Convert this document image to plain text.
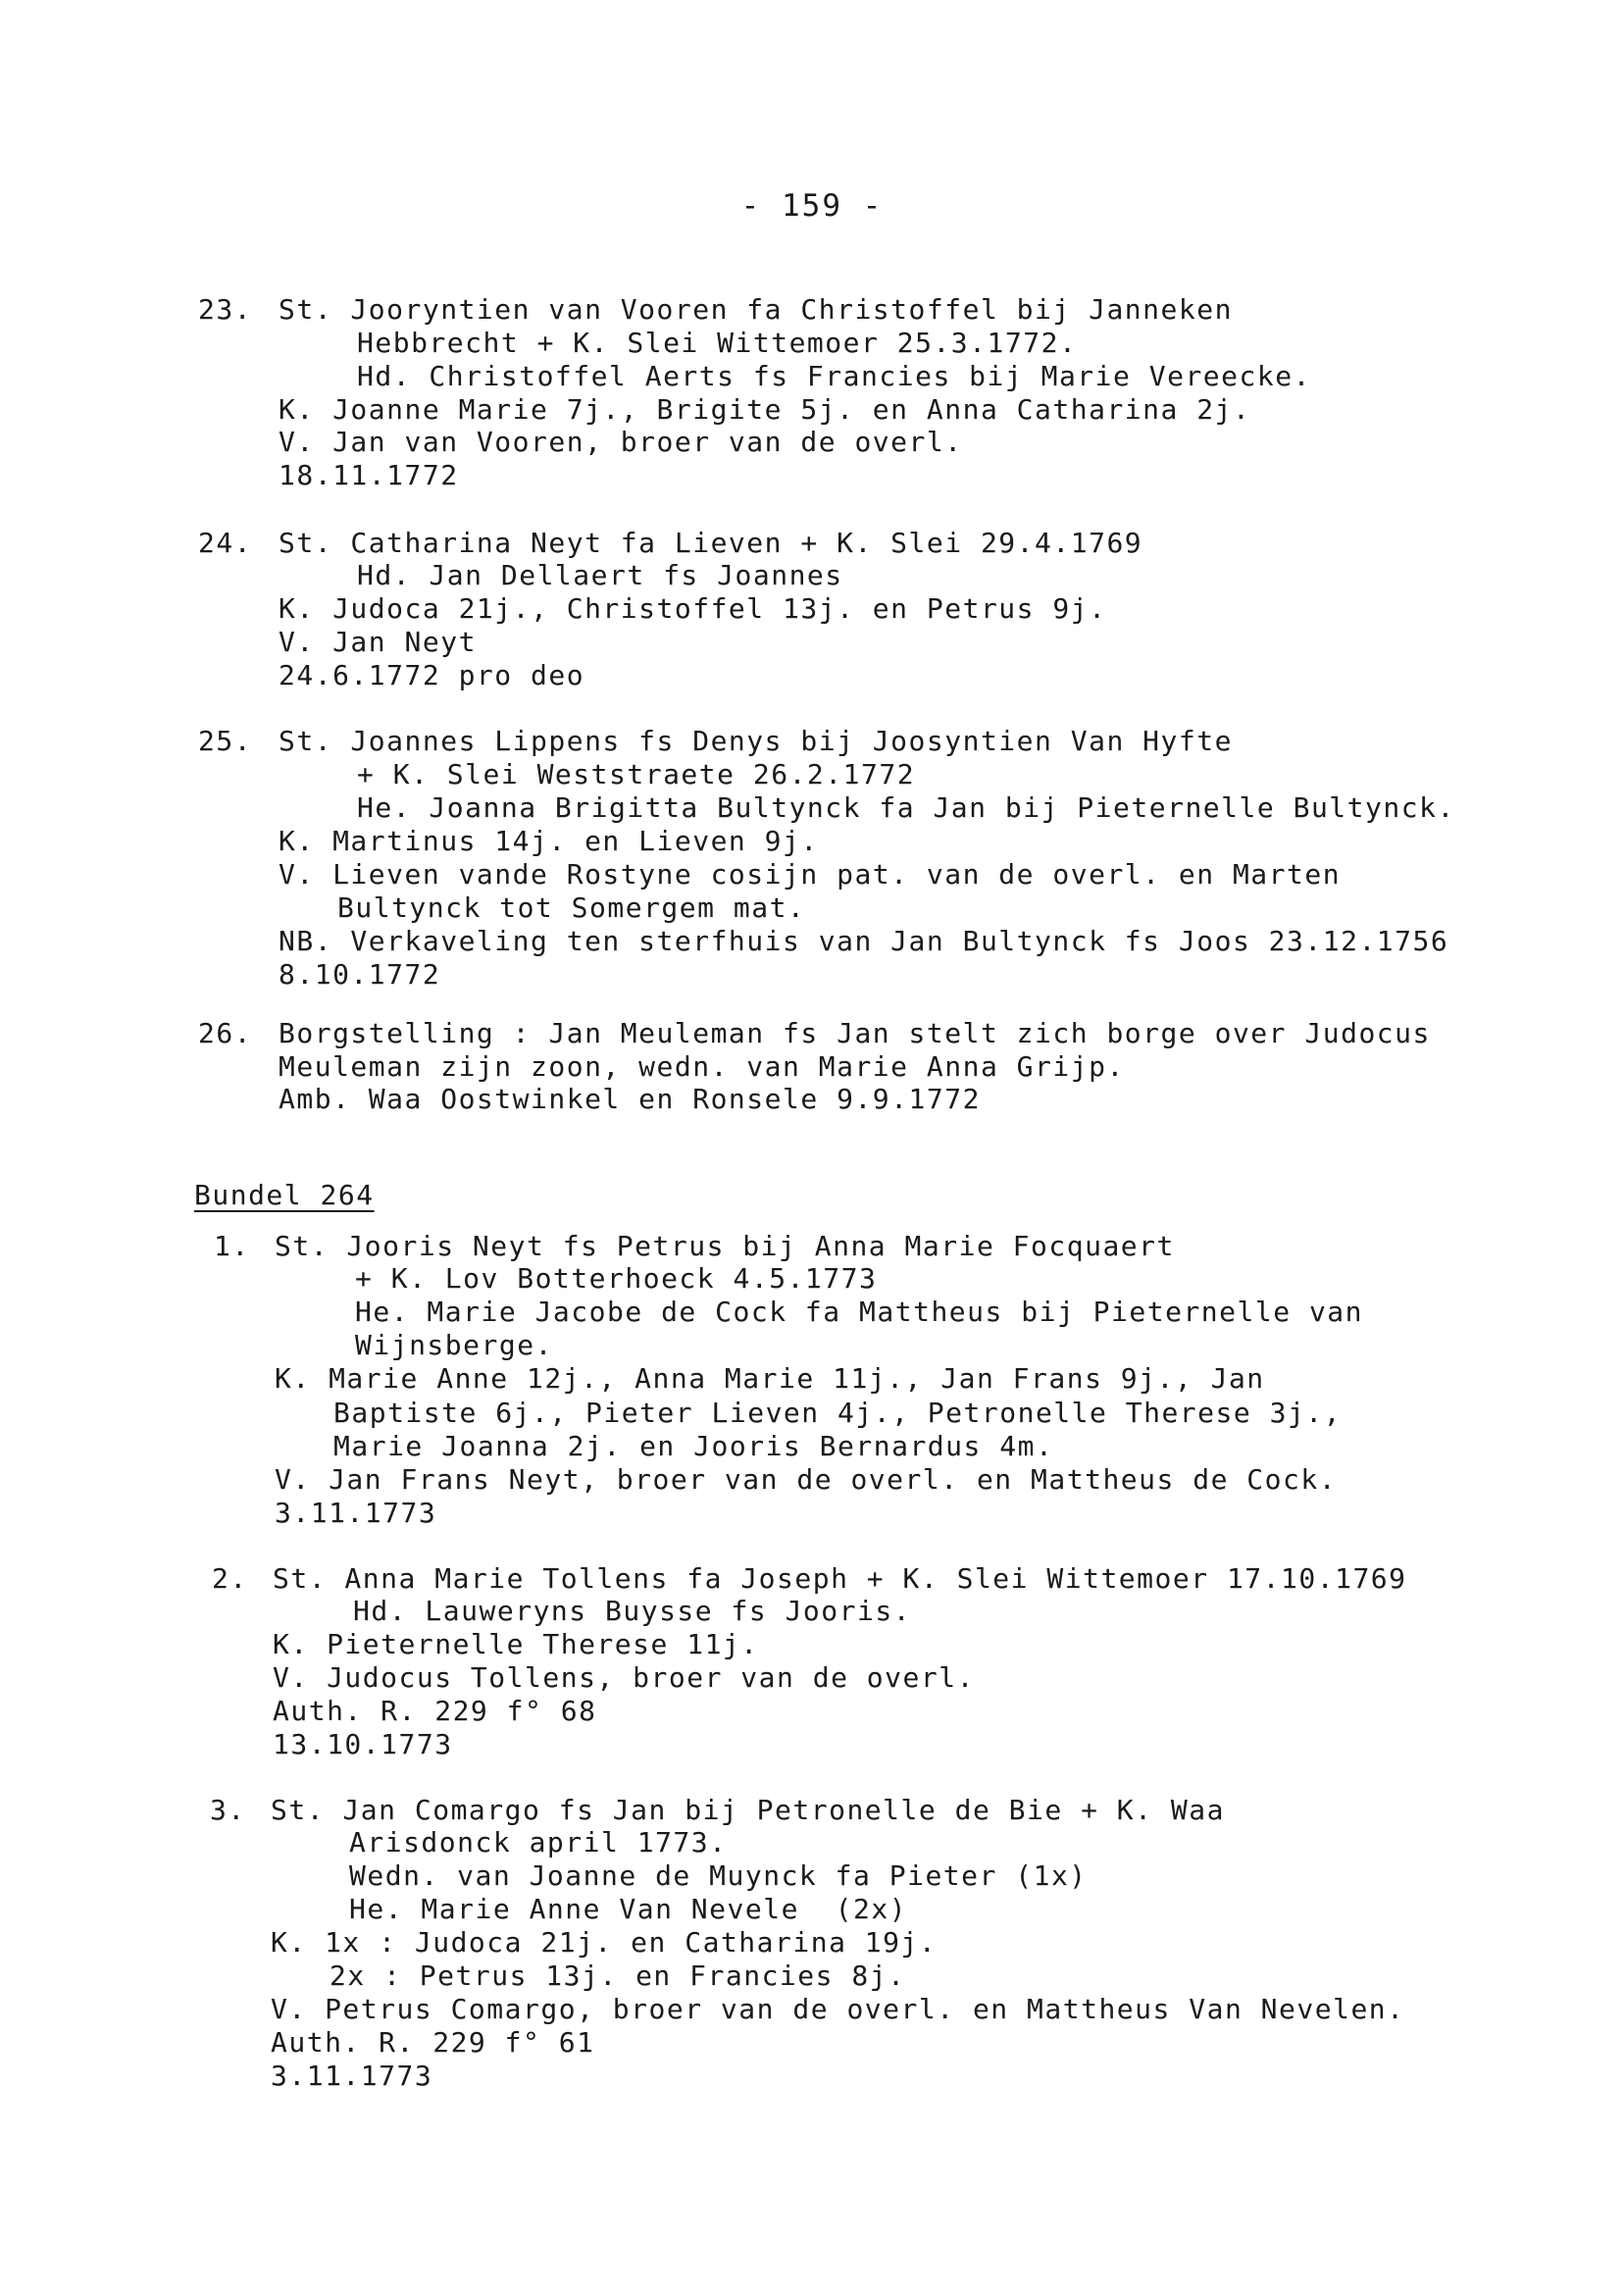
- 159 -
23. St. Jooryntien van Vooren fa Christoffel bij Janneken
Hebbrecht + K. Slei Wittemoer 25.3.1772.
Hd. Christoffel Aerts fs Francies bij Marie Vereecke.
K. Joanne Marie 7j., Brigite 5j. en Anna Catharina 2j.
V. Jan van Vooren, broer van de overl.
18.11.1772
24. St. Catharina Neyt fa Lieven + K. Slei 29.4.1769
Hd. Jan Dellaert fs Joannes
K. Judoca 21j., Christoffel 13j. en Petrus 9j.
V. Jan Neyt
24.6.1772 pro deo
25. St. Joannes Lippens fs Denys bij Joosyntien Van Hyfte
+ K. Slei Weststraete 26.2.1772
He. Joanna Brigitta Bultynck fa Jan bij Pieternelle Bultynck.
K. Martinus 14j. en Lieven 9j.
V. Lieven vande Rostyne cosijn pat. van de overl. en Marten
Bultynck tot Somergem mat.
NB. Verkaveling ten sterfhuis van Jan Bultynck fs Joos 23.12.1756
8.10.1772
26. Borgstelling : Jan Meuleman fs Jan stelt zich borge over Judocus
Meuleman zijn zoon, wedn. van Marie Anna Grijp.
Amb. Waa Oostwinkel en Ronsele 9.9.1772
Bundel 264
1. St. Jooris Neyt fs Petrus bij Anna Marie Focquaert
+ K. Lov Botterhoeck 4.5.1773
He. Marie Jacobe de Cock fa Mattheus bij Pieternelle van
Wijnsberge.
K. Marie Anne 12j., Anna Marie 11j., Jan Frans 9j., Jan
Baptiste 6j., Pieter Lieven 4j., Petronelle Therese 3j.,
Marie Joanna 2j. en Jooris Bernardus 4m.
V. Jan Frans Neyt, broer van de overl. en Mattheus de Cock.
3.11.1773
2. St. Anna Marie Tollens fa Joseph + K. Slei Wittemoer 17.10.1769
Hd. Lauweryns Buysse fs Jooris.
K. Pieternelle Therese 11j.
V. Judocus Tollens, broer van de overl.
Auth. R. 229 f° 68
13.10.1773
3. St. Jan Comargo fs Jan bij Petronelle de Bie + K. Waa
Arisdonck april 1773.
Wedn. van Joanne de Muynck fa Pieter (1x)
He. Marie Anne Van Nevele  (2x)
K. 1x : Judoca 21j. en Catharina 19j.
2x : Petrus 13j. en Francies 8j.
V. Petrus Comargo, broer van de overl. en Mattheus Van Nevelen.
Auth. R. 229 f° 61
3.11.1773
